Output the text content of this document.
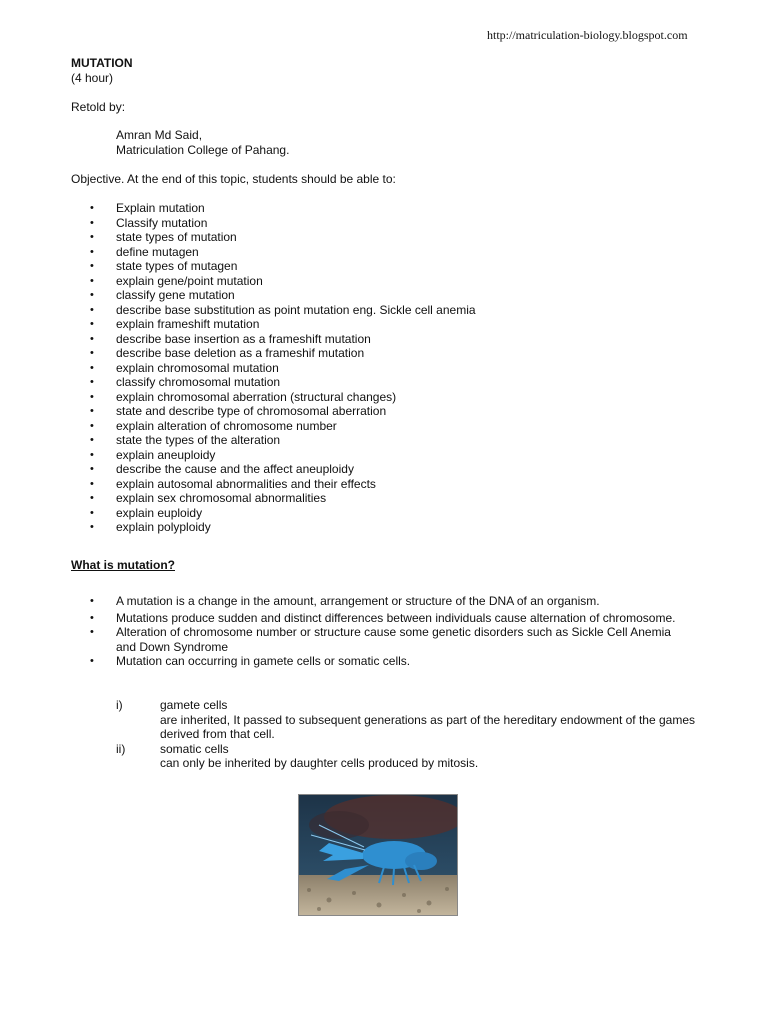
http://matriculation-biology.blogspot.com
MUTATION
(4 hour)
Retold by:
Amran Md Said,
Matriculation College of Pahang.
Objective. At the end of this topic, students should be able to:
• Explain mutation
• Classify mutation
• state types of mutation
• define mutagen
• state types of mutagen
• explain gene/point mutation
• classify gene mutation
• describe base substitution as point mutation eng. Sickle cell anemia
• explain frameshift mutation
• describe base insertion as a frameshift mutation
• describe base deletion as a frameshif mutation
• explain chromosomal mutation
• classify chromosomal mutation
• explain chromosomal aberration (structural changes)
• state and describe type of chromosomal aberration
• explain alteration of chromosome number
• state the types of the alteration
• explain aneuploidy
• describe the cause and the affect aneuploidy
• explain autosomal abnormalities and their effects
• explain sex chromosomal abnormalities
• explain euploidy
• explain polyploidy
What is mutation?
• A mutation is a change in the amount, arrangement or structure of the DNA of an organism.
• Mutations produce sudden and distinct differences between individuals cause alternation of chromosome.
• Alteration of chromosome number or structure cause some genetic disorders such as Sickle Cell Anemia and Down Syndrome
• Mutation can occurring in gamete cells or somatic cells.
i)	gamete cells
are inherited, It passed to subsequent generations as part of the hereditary endowment of the games derived from that cell.
ii)	somatic cells
can only be inherited by daughter cells produced by mitosis.
